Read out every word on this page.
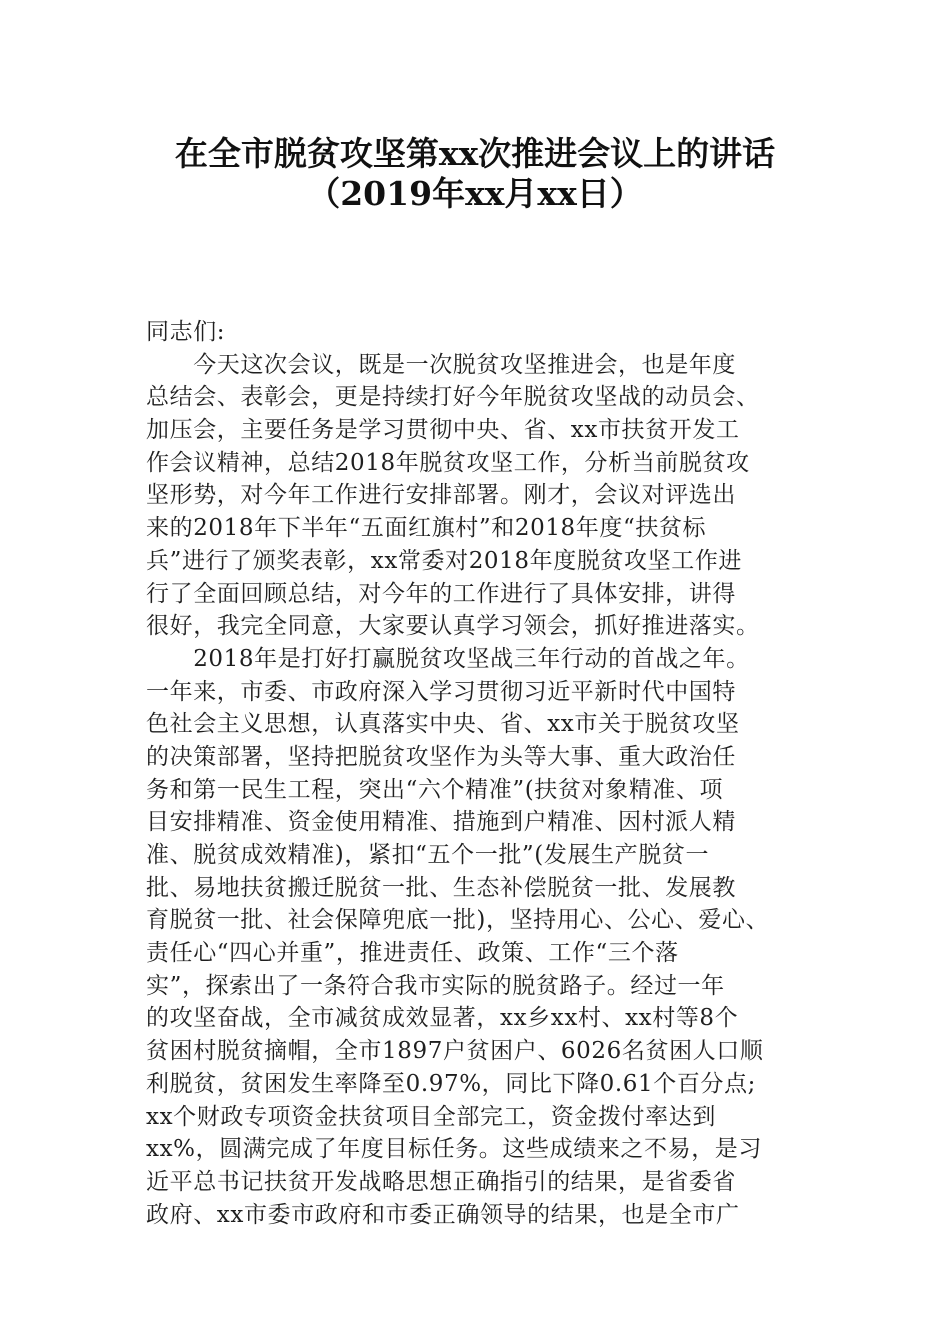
在全市脱贫攻坚第xx次推进会议上的讲话
（2019年xx月xx日）
同志们:
　　今天这次会议，既是一次脱贫攻坚推进会，也是年度
总结会、表彰会，更是持续打好今年脱贫攻坚战的动员会、
加压会，主要任务是学习贯彻中央、省、xx市扶贫开发工
作会议精神，总结2018年脱贫攻坚工作，分析当前脱贫攻
坚形势，对今年工作进行安排部署。刚才，会议对评选出
来的2018年下半年“五面红旗村”和2018年度“扶贫标
兵”进行了颁奖表彰，xx常委对2018年度脱贫攻坚工作进
行了全面回顾总结，对今年的工作进行了具体安排，讲得
很好，我完全同意，大家要认真学习领会，抓好推进落实。
　　2018年是打好打赢脱贫攻坚战三年行动的首战之年。
一年来，市委、市政府深入学习贯彻习近平新时代中国特
色社会主义思想，认真落实中央、省、xx市关于脱贫攻坚
的决策部署，坚持把脱贫攻坚作为头等大事、重大政治任
务和第一民生工程，突出“六个精准”(扶贫对象精准、项
目安排精准、资金使用精准、措施到户精准、因村派人精
准、脱贫成效精准)，紧扣“五个一批”(发展生产脱贫一
批、易地扶贫搬迁脱贫一批、生态补偿脱贫一批、发展教
育脱贫一批、社会保障兜底一批)，坚持用心、公心、爱心、
责任心“四心并重”，推进责任、政策、工作“三个落
实”，探索出了一条符合我市实际的脱贫路子。经过一年
的攻坚奋战，全市减贫成效显著，xx乡xx村、xx村等8个
贫困村脱贫摘帽，全市1897户贫困户、6026名贫困人口顺
利脱贫，贫困发生率降至0.97%，同比下降0.61个百分点;
xx个财政专项资金扶贫项目全部完工，资金拨付率达到
xx%，圆满完成了年度目标任务。这些成绩来之不易，是习
近平总书记扶贫开发战略思想正确指引的结果，是省委省
政府、xx市委市政府和市委正确领导的结果，也是全市广
